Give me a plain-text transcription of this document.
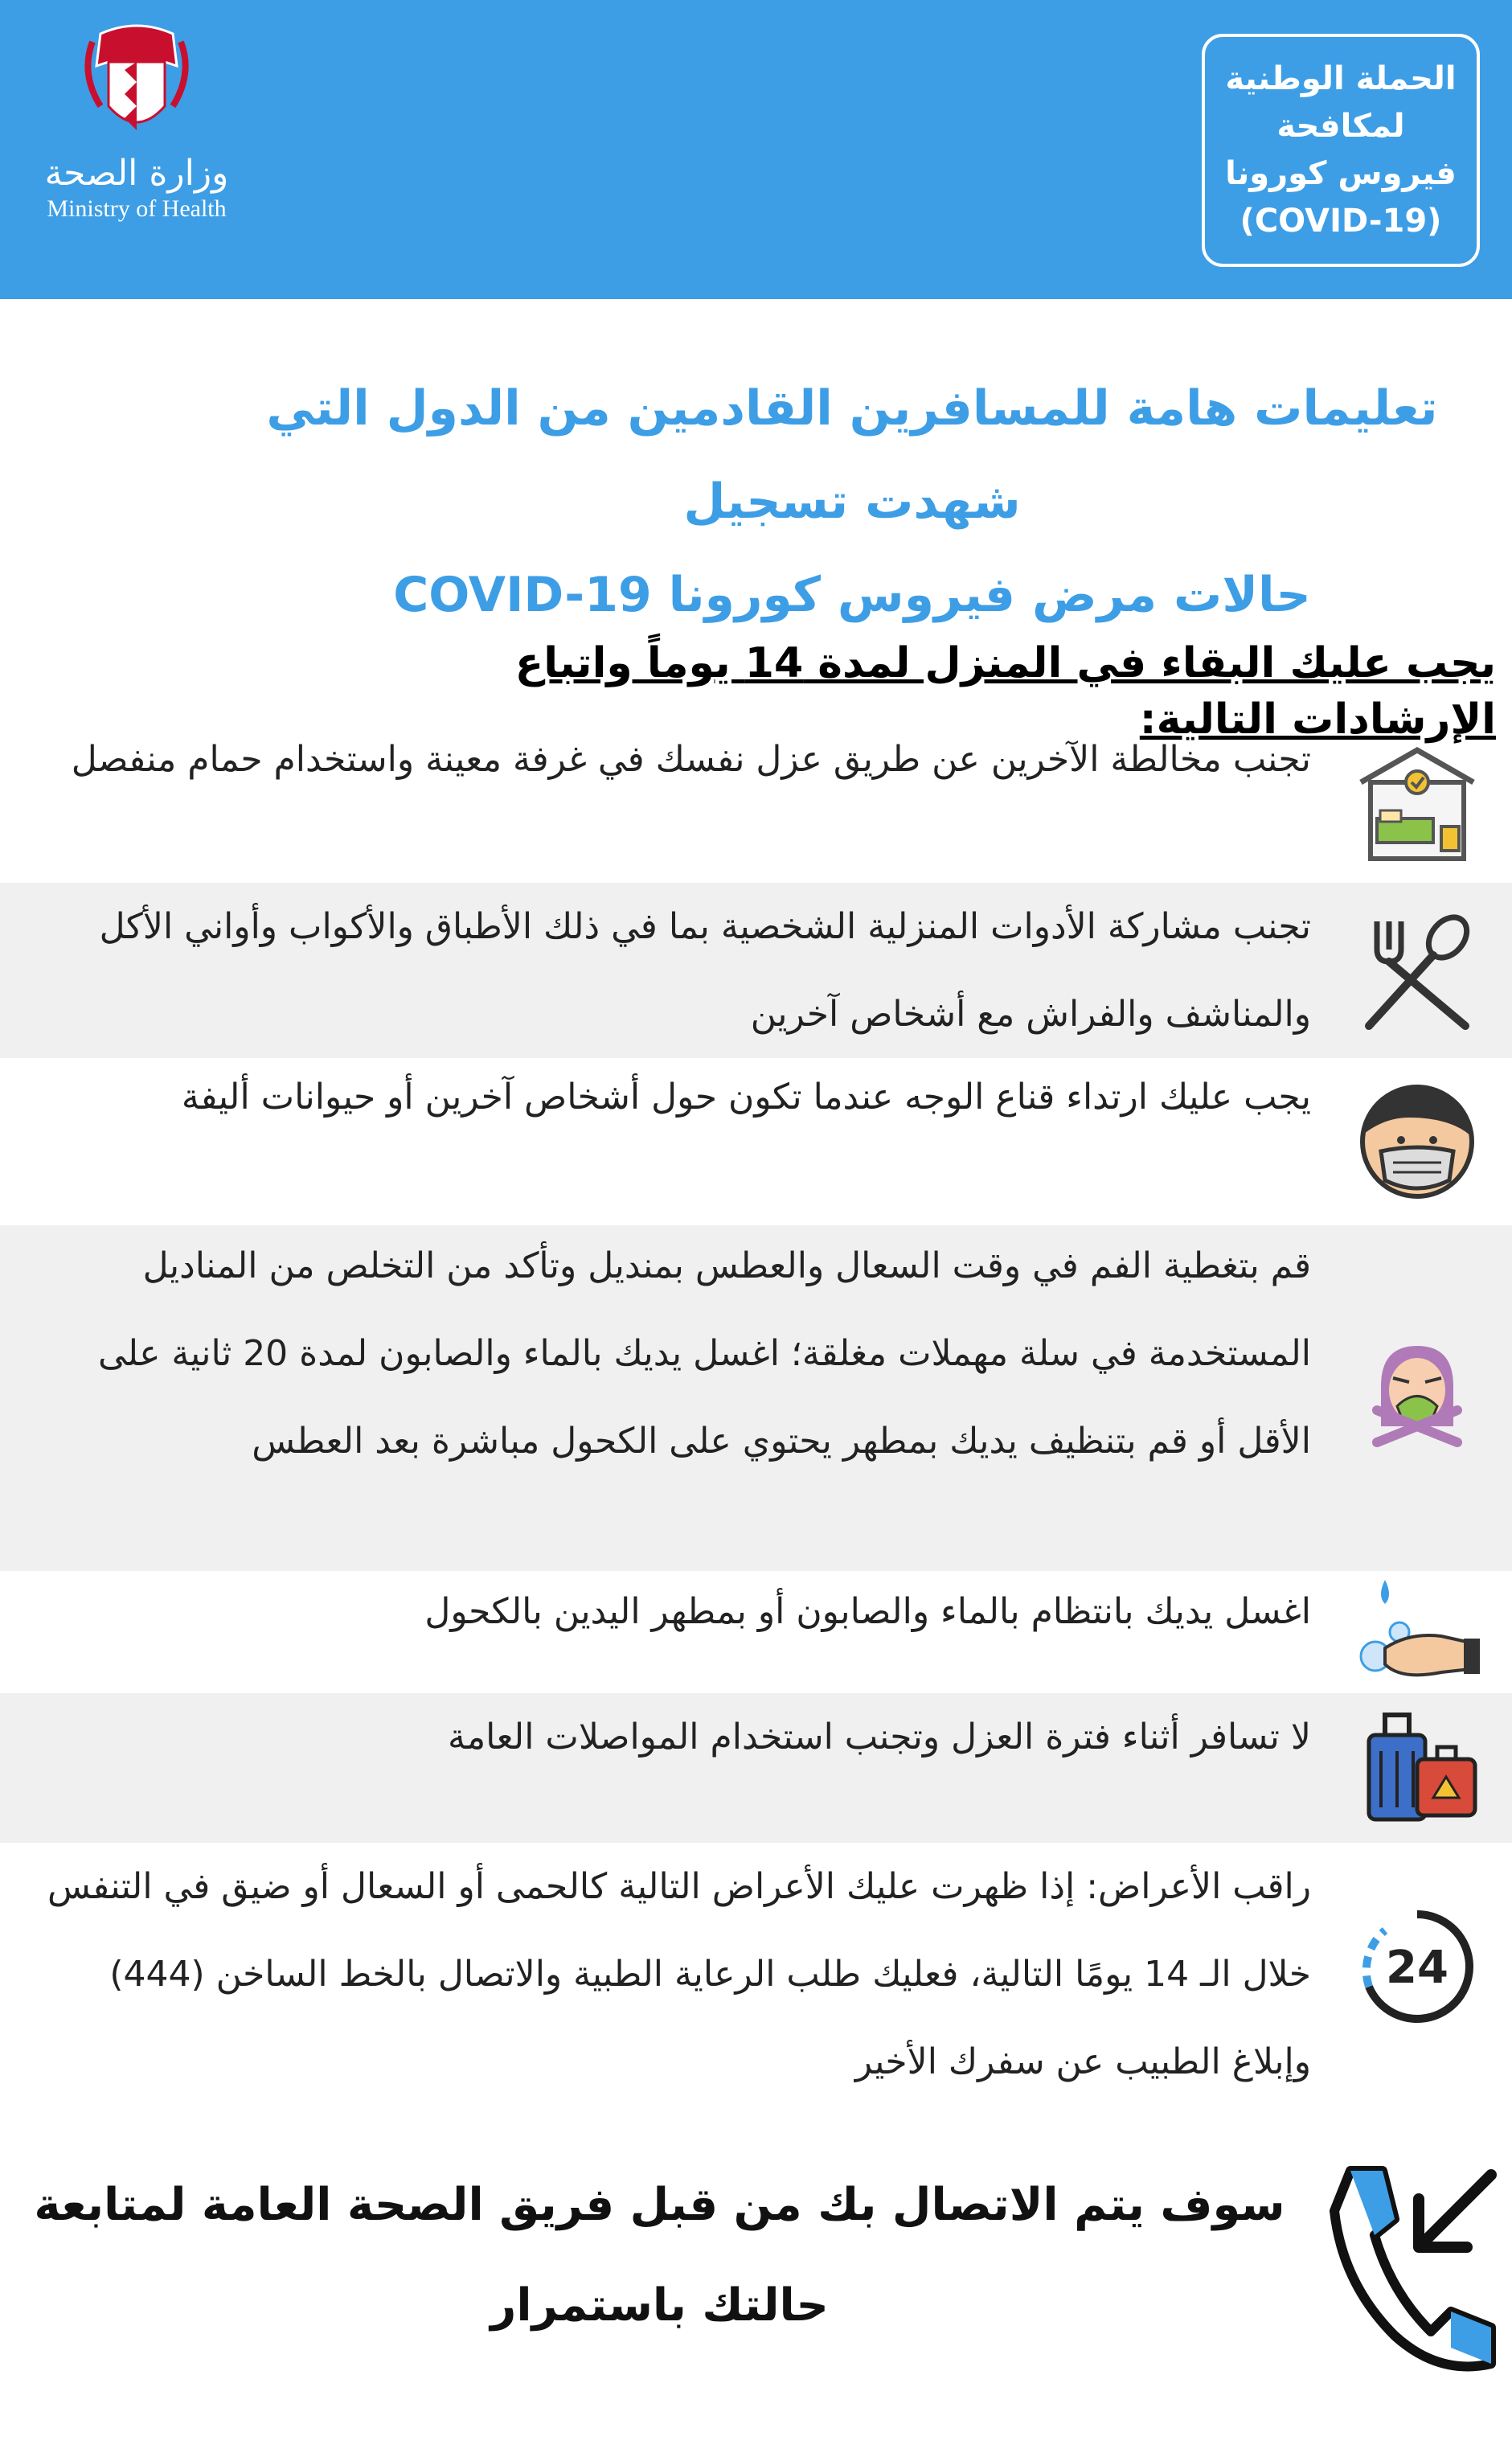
وزارة الصحة
Ministry of Health
الحملة الوطنية
لمكافحة
فيروس كورونا
(COVID-19)
تعليمات هامة للمسافرين القادمين من الدول التي شهدت تسجيل
حالات مرض فيروس كورونا COVID-19
يجب عليك البقاء في المنزل لمدة 14 يوماً واتباع الإرشادات التالية:
تجنب مخالطة الآخرين عن طريق عزل نفسك في غرفة معينة واستخدام حمام منفصل
تجنب مشاركة الأدوات المنزلية الشخصية بما في ذلك الأطباق والأكواب وأواني الأكل والمناشف والفراش مع أشخاص آخرين
يجب عليك ارتداء قناع الوجه عندما تكون حول أشخاص آخرين أو حيوانات أليفة
قم بتغطية الفم في وقت السعال والعطس بمنديل وتأكد من التخلص من المناديل المستخدمة في سلة مهملات مغلقة؛ اغسل يديك بالماء والصابون لمدة 20 ثانية على الأقل أو قم بتنظيف يديك بمطهر يحتوي على الكحول مباشرة بعد العطس
اغسل يديك بانتظام بالماء والصابون أو بمطهر اليدين بالكحول
لا تسافر أثناء فترة العزل وتجنب استخدام المواصلات العامة
24
راقب الأعراض: إذا ظهرت عليك الأعراض التالية كالحمى أو السعال أو ضيق في التنفس خلال الـ 14 يومًا التالية، فعليك طلب الرعاية الطبية والاتصال بالخط الساخن (444) وإبلاغ الطبيب عن سفرك الأخير
سوف يتم الاتصال بك من قبل فريق الصحة العامة لمتابعة حالتك باستمرار
